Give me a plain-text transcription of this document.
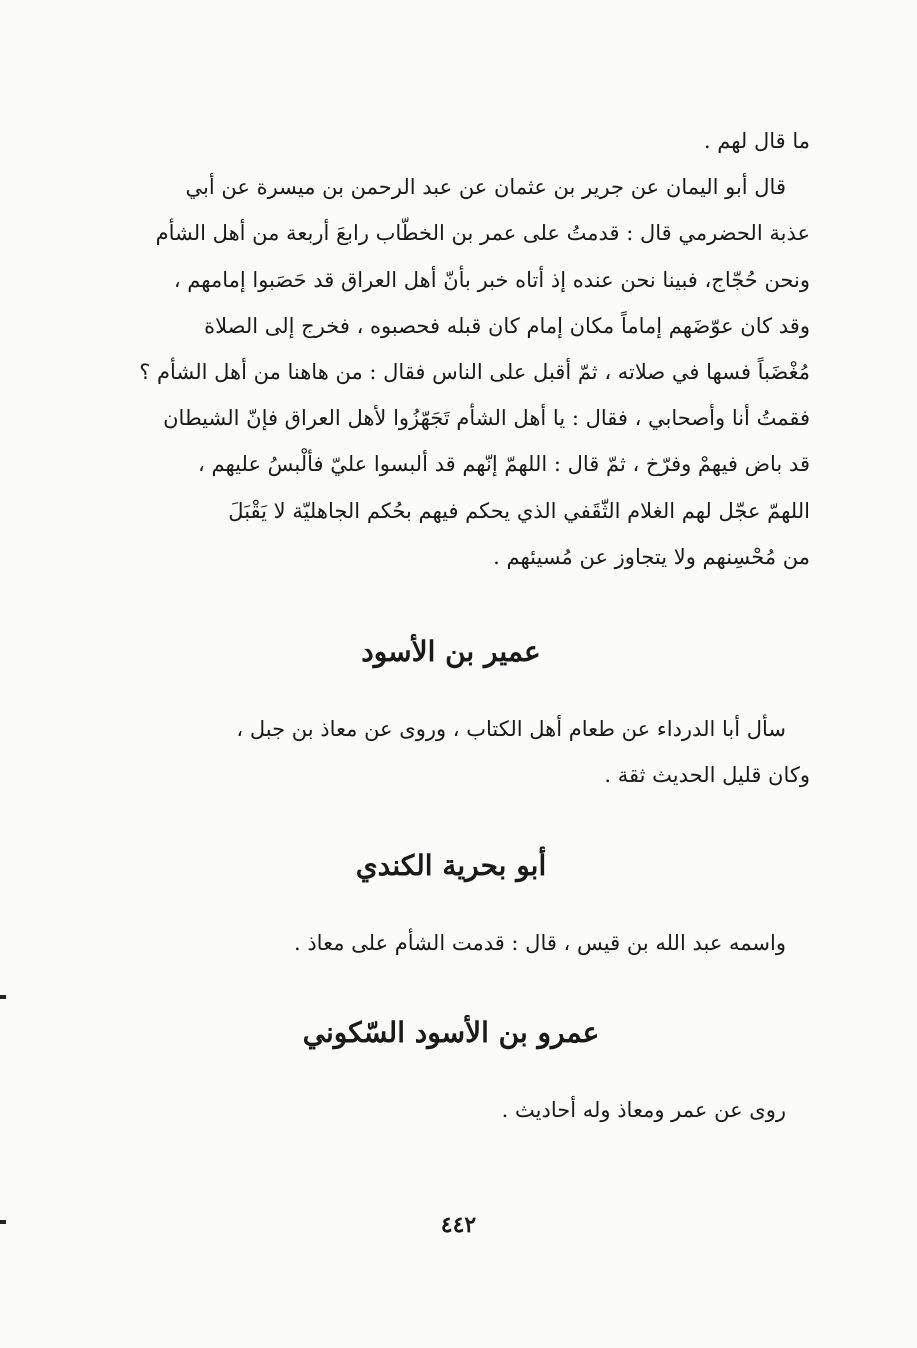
ما قال لهم .
قال أبو اليمان عن جرير بن عثمان عن عبد الرحمن بن ميسرة عن أبي
عذبة الحضرمي قال : قدمتُ على عمر بن الخطّاب رابعَ أربعة من أهل الشأم
ونحن حُجّاج، فبينا نحن عنده إذ أتاه خبر بأنّ أهل العراق قد حَصَبوا إمامهم ،
وقد كان عوّضَهم إماماً مكان إمام كان قبله فحصبوه ، فخرج إلى الصلاة
مُغْضَباً فسها في صلاته ، ثمّ أقبل على الناس فقال : من هاهنا من أهل الشأم ؟
فقمتُ أنا وأصحابي ، فقال : يا أهل الشأم تَجَهّزُوا لأهل العراق فإنّ الشيطان
قد باض فيهمْ وفرّخ ، ثمّ قال : اللهمّ إنّهم قد ألبسوا عليّ فألْبسُ عليهم ،
اللهمّ عجّل لهم الغلام الثّقَفي الذي يحكم فيهم بحُكم الجاهليّة لا يَقْبَلَ
من مُحْسِنهم ولا يتجاوز عن مُسيئهم .
عمير بن الأسود
سأل أبا الدرداء عن طعام أهل الكتاب ، وروى عن معاذ بن جبل ،
وكان قليل الحديث ثقة .
أبو بحرية الكندي
واسمه عبد الله بن قيس ، قال : قدمت الشأم على معاذ .
عمرو بن الأسود السّكوني
روى عن عمر ومعاذ وله أحاديث .
٤٤٢
